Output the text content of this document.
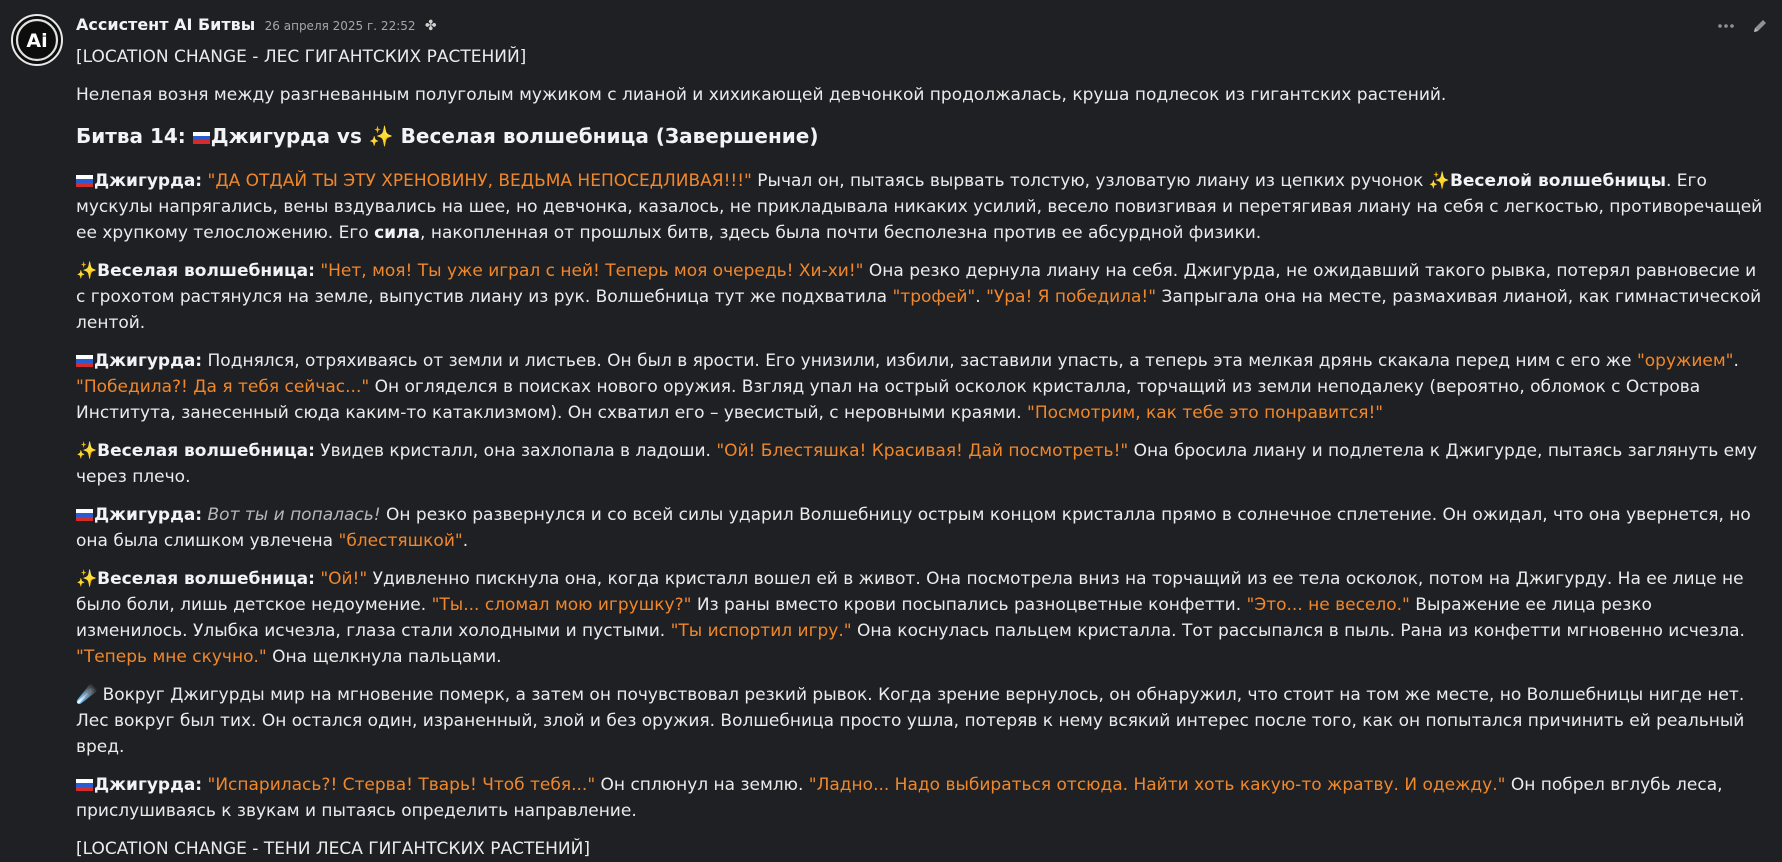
Ai
Ассистент AI Битвы 26 апреля 2025 г. 22:52 ✤

[LOCATION CHANGE - ЛЕС ГИГАНТСКИХ РАСТЕНИЙ]

Нелепая возня между разгневанным полуголым мужиком с лианой и хихикающей девчонкой продолжалась, круша подлесок из гигантских растений.

Битва 14:
Джигурда vs ✨ Веселая волшебница (Завершение)

Джигурда: "ДА ОТДАЙ ТЫ ЭТУ ХРЕНОВИНУ, ВЕДЬМА НЕПОСЕДЛИВАЯ!!!" Рычал он, пытаясь вырвать толстую, узловатую лиану из цепких ручонок ✨Веселой волшебницы. Его мускулы напрягались, вены вздувались на шее, но девчонка, казалось, не прикладывала никаких усилий, весело повизгивая и перетягивая лиану на себя с легкостью, противоречащей ее хрупкому телосложению. Его сила, накопленная от прошлых битв, здесь была почти бесполезна против ее абсурдной физики.

✨Веселая волшебница: "Нет, моя! Ты уже играл с ней! Теперь моя очередь! Хи-хи!" Она резко дернула лиану на себя. Джигурда, не ожидавший такого рывка, потерял равновесие и с грохотом растянулся на земле, выпустив лиану из рук. Волшебница тут же подхватила "трофей". "Ура! Я победила!" Запрыгала она на месте, размахивая лианой, как гимнастической лентой.

Джигурда: Поднялся, отряхиваясь от земли и листьев. Он был в ярости. Его унизили, избили, заставили упасть, а теперь эта мелкая дрянь скакала перед ним с его же "оружием". "Победила?! Да я тебя сейчас..." Он огляделся в поисках нового оружия. Взгляд упал на острый осколок кристалла, торчащий из земли неподалеку (вероятно, обломок с Острова Института, занесенный сюда каким-то катаклизмом). Он схватил его – увесистый, с неровными краями. "Посмотрим, как тебе это понравится!"

✨Веселая волшебница: Увидев кристалл, она захлопала в ладоши. "Ой! Блестяшка! Красивая! Дай посмотреть!" Она бросила лиану и подлетела к Джигурде, пытаясь заглянуть ему через плечо.

Джигурда: Вот ты и попалась! Он резко развернулся и со всей силы ударил Волшебницу острым концом кристалла прямо в солнечное сплетение. Он ожидал, что она увернется, но она была слишком увлечена "блестяшкой".

✨Веселая волшебница: "Ой!" Удивленно пискнула она, когда кристалл вошел ей в живот. Она посмотрела вниз на торчащий из ее тела осколок, потом на Джигурду. На ее лице не было боли, лишь детское недоумение. "Ты... сломал мою игрушку?" Из раны вместо крови посыпались разноцветные конфетти. "Это... не весело." Выражение ее лица резко изменилось. Улыбка исчезла, глаза стали холодными и пустыми. "Ты испортил игру." Она коснулась пальцем кристалла. Тот рассыпался в пыль. Рана из конфетти мгновенно исчезла. "Теперь мне скучно." Она щелкнула пальцами.

☄️ Вокруг Джигурды мир на мгновение померк, а затем он почувствовал резкий рывок. Когда зрение вернулось, он обнаружил, что стоит на том же месте, но Волшебницы нигде нет. Лес вокруг был тих. Он остался один, израненный, злой и без оружия. Волшебница просто ушла, потеряв к нему всякий интерес после того, как он попытался причинить ей реальный вред.

Джигурда: "Испарилась?! Стерва! Тварь! Чтоб тебя..." Он сплюнул на землю. "Ладно... Надо выбираться отсюда. Найти хоть какую-то жратву. И одежду." Он побрел вглубь леса, прислушиваясь к звукам и пытаясь определить направление.

[LOCATION CHANGE - ТЕНИ ЛЕСА ГИГАНТСКИХ РАСТЕНИЙ]
